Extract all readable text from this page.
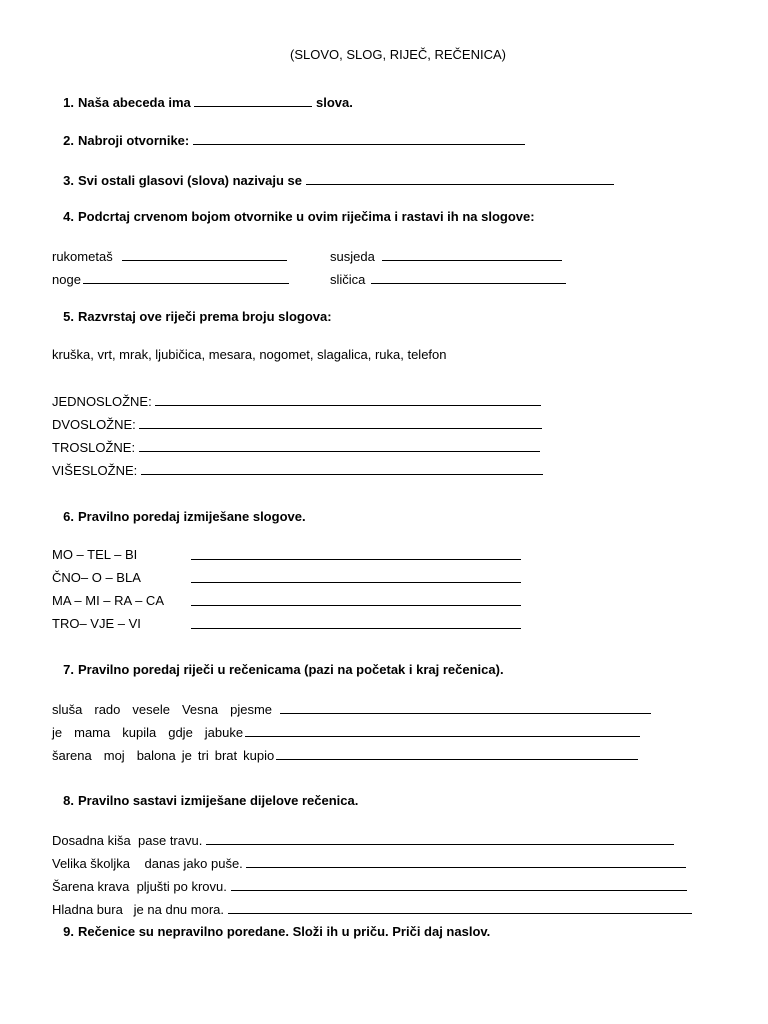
(SLOVO, SLOG, RIJEČ, REČENICA)
1. Naša abeceda ima	slova.
2. Nabroji otvornike:
3. Svi ostali glasovi (slova) nazivaju se
4. Podcrtaj crvenom bojom otvornike u ovim riječima i rastavi ih na slogove:
rukometaš	susjeda
noge	sličica
5. Razvrstaj ove riječi prema broju slogova:
kruška, vrt, mrak, ljubičica, mesara, nogomet, slagalica, ruka, telefon
JEDNOSLOŽNE:
DVOSLOŽNE:
TROSLOŽNE:
VIŠESLOŽNE:
6. Pravilno poredaj izmiješane slogove.
MO – TEL – BI
ČNO– O – BLA
MA – MI – RA – CA
TRO– VJE – VI
7. Pravilno poredaj riječi u rečenicama (pazi na početak i kraj rečenica).
sluša rado vesele Vesna pjesme
je mama kupila gdje jabuke
šarena moj balona je tri brat kupio
8. Pravilno sastavi izmiješane dijelove rečenica.
Dosadna kiša pase travu.
Velika školjka danas jako puše.
Šarena krava pljušti po krovu.
Hladna bura je na dnu mora.
9. Rečenice su nepravilno poredane. Složi ih u priču. Priči daj naslov.
